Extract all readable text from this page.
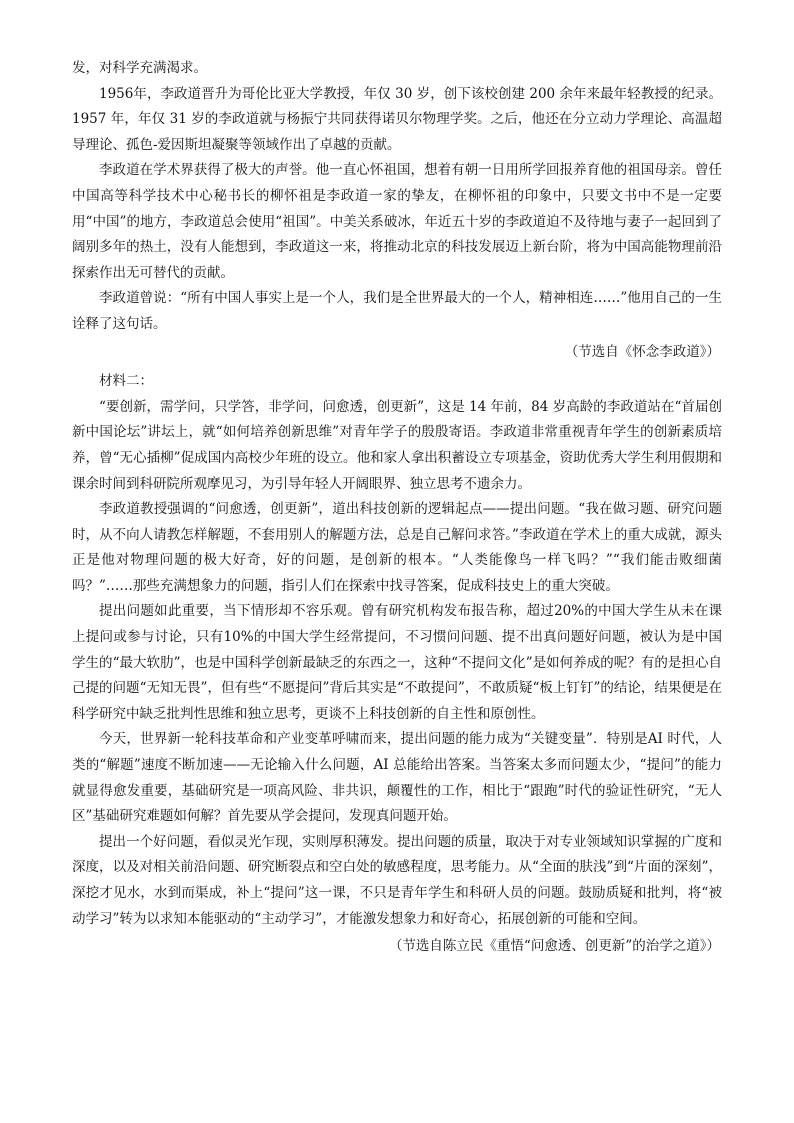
发，对科学充满渴求。

1956年，李政道晋升为哥伦比亚大学教授，年仅 30 岁，创下该校创建 200 余年来最年轻教授的纪录。1957 年，年仅 31 岁的李政道就与杨振宁共同获得诺贝尔物理学奖。之后，他还在分立动力学理论、高温超导理论、孤色-爱因斯坦凝聚等领域作出了卓越的贡献。

李政道在学术界获得了极大的声誉。他一直心怀祖国，想着有朝一日用所学回报养育他的祖国母亲。曾任中国高等科学技术中心秘书长的柳怀祖是李政道一家的挚友，在柳怀祖的印象中，只要文书中不是一定要用“中国”的地方，李政道总会使用“祖国”。中美关系破冰，年近五十岁的李政道迫不及待地与妻子一起回到了阔别多年的热土，没有人能想到，李政道这一来，将推动北京的科技发展迈上新台阶，将为中国高能物理前沿探索作出无可替代的贡献。

李政道曾说：“所有中国人事实上是一个人，我们是全世界最大的一个人，精神相连……”他用自己的一生诠释了这句话。

（节选自《怀念李政道》）

材料二：

“要创新，需学问，只学答，非学问，问愈透，创更新”，这是 14 年前，84 岁高龄的李政道站在“首届创新中国论坛”讲坛上，就“如何培养创新思维”对青年学子的殷殷寄语。李政道非常重视青年学生的创新素质培养，曾“无心插柳”促成国内高校少年班的设立。他和家人拿出积蓄设立专项基金，资助优秀大学生利用假期和课余时间到科研院所观摩见习，为引导年轻人开阔眼界、独立思考不遗余力。

李政道教授强调的“问愈透，创更新”，道出科技创新的逻辑起点——提出问题。“我在做习题、研究问题时，从不向人请教怎样解题，不套用别人的解题方法，总是自己解问求答。”李政道在学术上的重大成就，源头正是他对物理问题的极大好奇，好的问题，是创新的根本。“人类能像鸟一样飞吗？”“我们能击败细菌吗？”……那些充满想象力的问题，指引人们在探索中找寻答案，促成科技史上的重大突破。

提出问题如此重要，当下情形却不容乐观。曾有研究机构发布报告称，超过20%的中国大学生从未在课上提问或参与讨论，只有10%的中国大学生经常提问，不习惯问问题、提不出真问题好问题，被认为是中国学生的“最大软肋”，也是中国科学创新最缺乏的东西之一，这种“不提问文化”是如何养成的呢？有的是担心自己提的问题“无知无畏”，但有些“不愿提问”背后其实是“不敢提问”，不敢质疑“板上钉钉”的结论，结果便是在科学研究中缺乏批判性思维和独立思考，更谈不上科技创新的自主性和原创性。

今天，世界新一轮科技革命和产业变革呼啸而来，提出问题的能力成为“关键变量”．特别是AI 时代，人类的“解题”速度不断加速——无论输入什么问题，AI 总能给出答案。当答案太多而问题太少，“提问”的能力就显得愈发重要，基础研究是一项高风险、非共识，颠覆性的工作，相比于“跟跑”时代的验证性研究，“无人区”基础研究难题如何解？首先要从学会提问，发现真问题开始。

提出一个好问题，看似灵光乍现，实则厚积薄发。提出问题的质量，取决于对专业领域知识掌握的广度和深度，以及对相关前沿问题、研究断裂点和空白处的敏感程度，思考能力。从“全面的肤浅”到“片面的深刻”，深挖才见水，水到而渠成，补上“提问”这一课，不只是青年学生和科研人员的问题。鼓励质疑和批判，将“被动学习”转为以求知本能驱动的“主动学习”，才能激发想象力和好奇心，拓展创新的可能和空间。

（节选自陈立民《重悟“问愈透、创更新”的治学之道》）
